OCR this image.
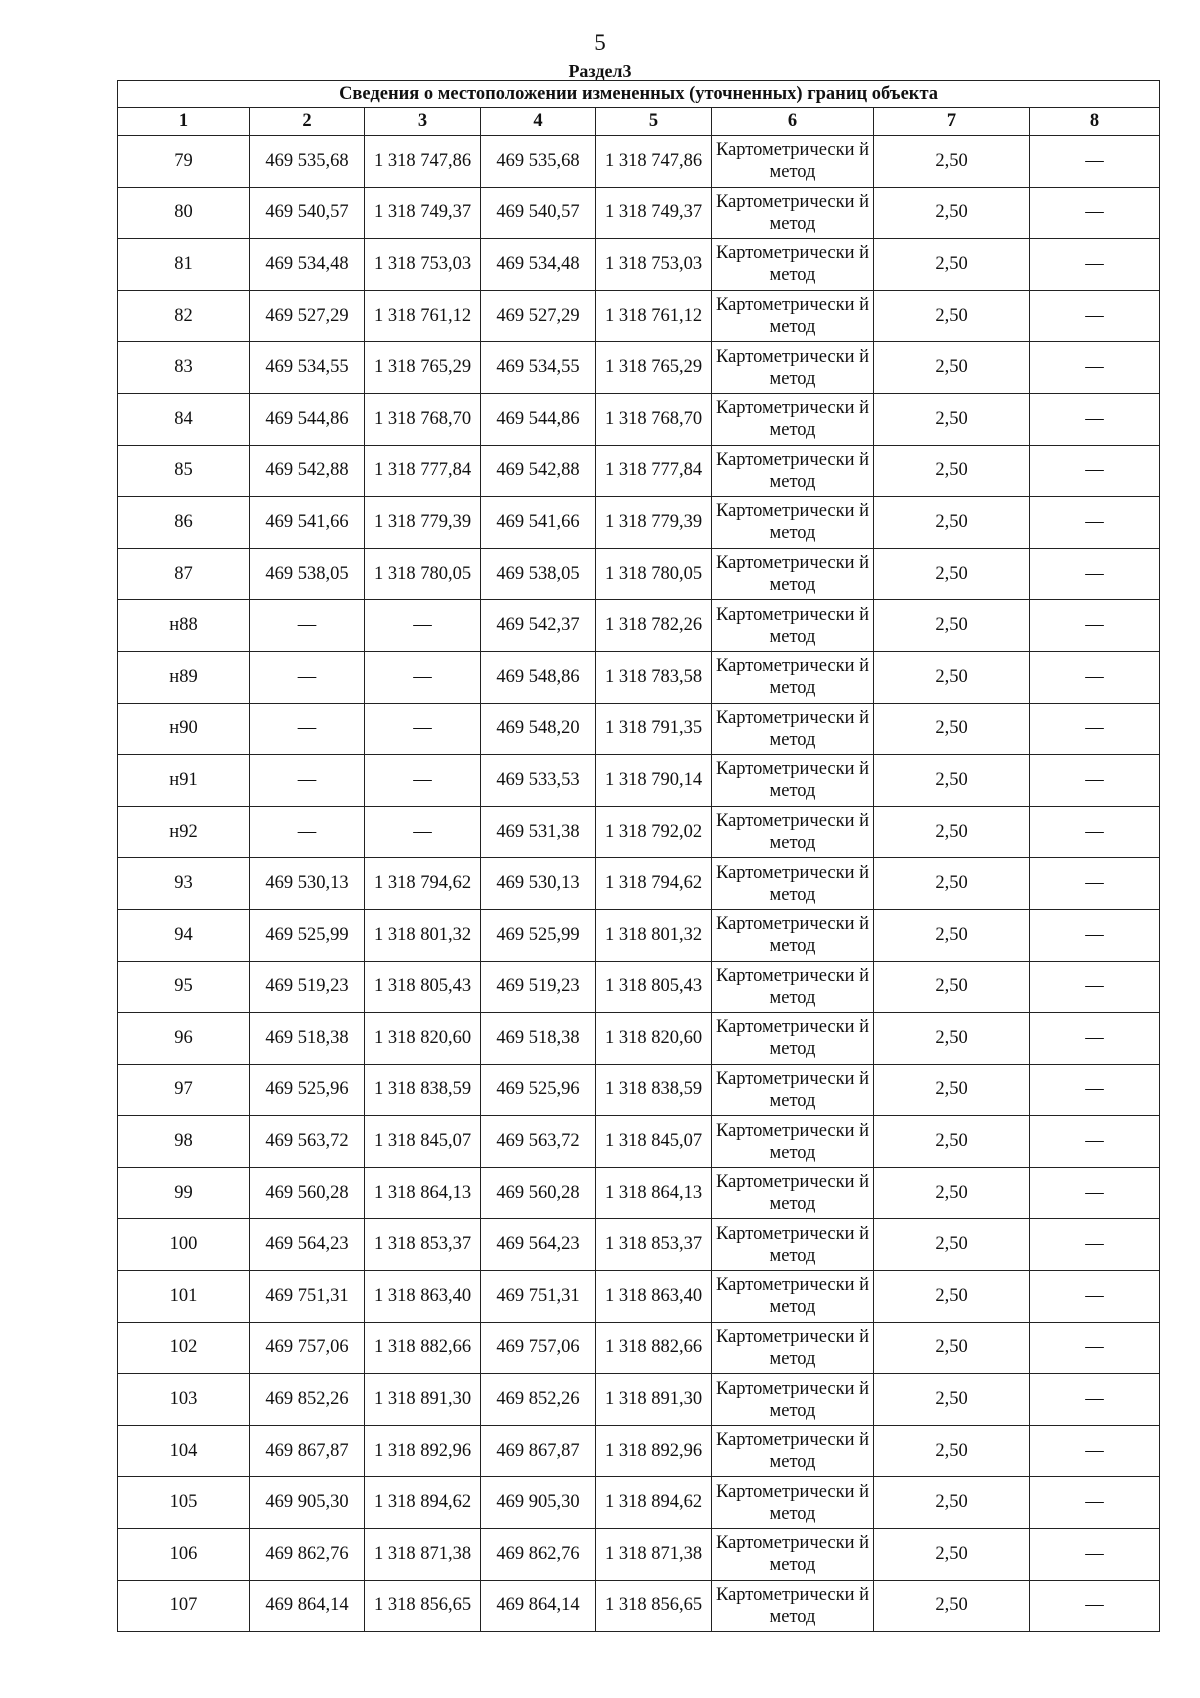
5
Раздел3
Сведения о местоположении измененных (уточненных) границ объекта							
1	2	3	4	5	6	7	8
79	469 535,68	1 318 747,86	469 535,68	1 318 747,86	Картометрически й метод	2,50	—
80	469 540,57	1 318 749,37	469 540,57	1 318 749,37	Картометрически й метод	2,50	—
81	469 534,48	1 318 753,03	469 534,48	1 318 753,03	Картометрически й метод	2,50	—
82	469 527,29	1 318 761,12	469 527,29	1 318 761,12	Картометрически й метод	2,50	—
83	469 534,55	1 318 765,29	469 534,55	1 318 765,29	Картометрически й метод	2,50	—
84	469 544,86	1 318 768,70	469 544,86	1 318 768,70	Картометрически й метод	2,50	—
85	469 542,88	1 318 777,84	469 542,88	1 318 777,84	Картометрически й метод	2,50	—
86	469 541,66	1 318 779,39	469 541,66	1 318 779,39	Картометрически й метод	2,50	—
87	469 538,05	1 318 780,05	469 538,05	1 318 780,05	Картометрически й метод	2,50	—
н88	—	—	469 542,37	1 318 782,26	Картометрически й метод	2,50	—
н89	—	—	469 548,86	1 318 783,58	Картометрически й метод	2,50	—
н90	—	—	469 548,20	1 318 791,35	Картометрически й метод	2,50	—
н91	—	—	469 533,53	1 318 790,14	Картометрически й метод	2,50	—
н92	—	—	469 531,38	1 318 792,02	Картометрически й метод	2,50	—
93	469 530,13	1 318 794,62	469 530,13	1 318 794,62	Картометрически й метод	2,50	—
94	469 525,99	1 318 801,32	469 525,99	1 318 801,32	Картометрически й метод	2,50	—
95	469 519,23	1 318 805,43	469 519,23	1 318 805,43	Картометрически й метод	2,50	—
96	469 518,38	1 318 820,60	469 518,38	1 318 820,60	Картометрически й метод	2,50	—
97	469 525,96	1 318 838,59	469 525,96	1 318 838,59	Картометрически й метод	2,50	—
98	469 563,72	1 318 845,07	469 563,72	1 318 845,07	Картометрически й метод	2,50	—
99	469 560,28	1 318 864,13	469 560,28	1 318 864,13	Картометрически й метод	2,50	—
100	469 564,23	1 318 853,37	469 564,23	1 318 853,37	Картометрически й метод	2,50	—
101	469 751,31	1 318 863,40	469 751,31	1 318 863,40	Картометрически й метод	2,50	—
102	469 757,06	1 318 882,66	469 757,06	1 318 882,66	Картометрически й метод	2,50	—
103	469 852,26	1 318 891,30	469 852,26	1 318 891,30	Картометрически й метод	2,50	—
104	469 867,87	1 318 892,96	469 867,87	1 318 892,96	Картометрически й метод	2,50	—
105	469 905,30	1 318 894,62	469 905,30	1 318 894,62	Картометрически й метод	2,50	—
106	469 862,76	1 318 871,38	469 862,76	1 318 871,38	Картометрически й метод	2,50	—
107	469 864,14	1 318 856,65	469 864,14	1 318 856,65	Картометрически й метод	2,50	—
